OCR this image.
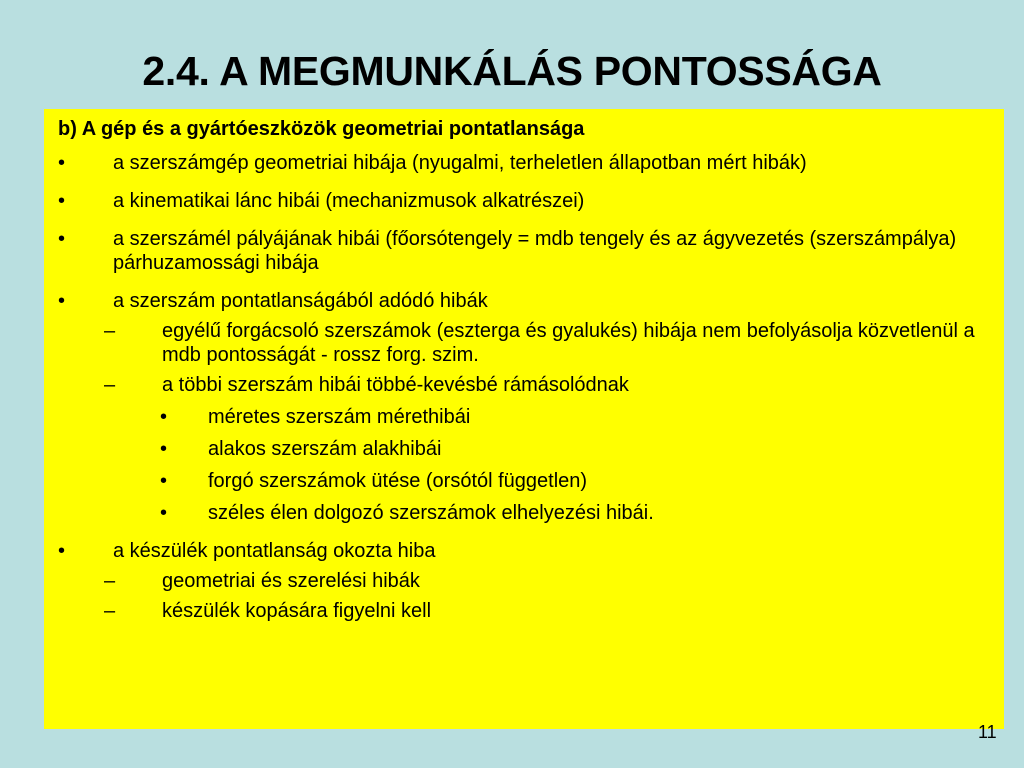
2.4. A MEGMUNKÁLÁS PONTOSSÁGA
b) A gép és a gyártóeszközök geometriai pontatlansága
•	a szerszámgép geometriai hibája (nyugalmi, terheletlen állapotban mért hibák)
•	a kinematikai lánc hibái (mechanizmusok alkatrészei)
•	a szerszámél pályájának hibái (főorsótengely = mdb tengely és az ágyvezetés (szerszámpálya) párhuzamossági hibája
•	a szerszám pontatlanságából adódó hibák
–	egyélű forgácsoló szerszámok (eszterga és gyalukés) hibája nem befolyásolja közvetlenül a mdb pontosságát - rossz forg. szim.
–	a többi szerszám hibái többé-kevésbé rámásolódnak
•	méretes szerszám mérethibái
•	alakos szerszám alakhibái
•	forgó szerszámok ütése (orsótól független)
•	széles élen dolgozó szerszámok elhelyezési hibái.
•	a készülék pontatlanság okozta hiba
–	geometriai és szerelési hibák
–	készülék kopására figyelni kell
11
